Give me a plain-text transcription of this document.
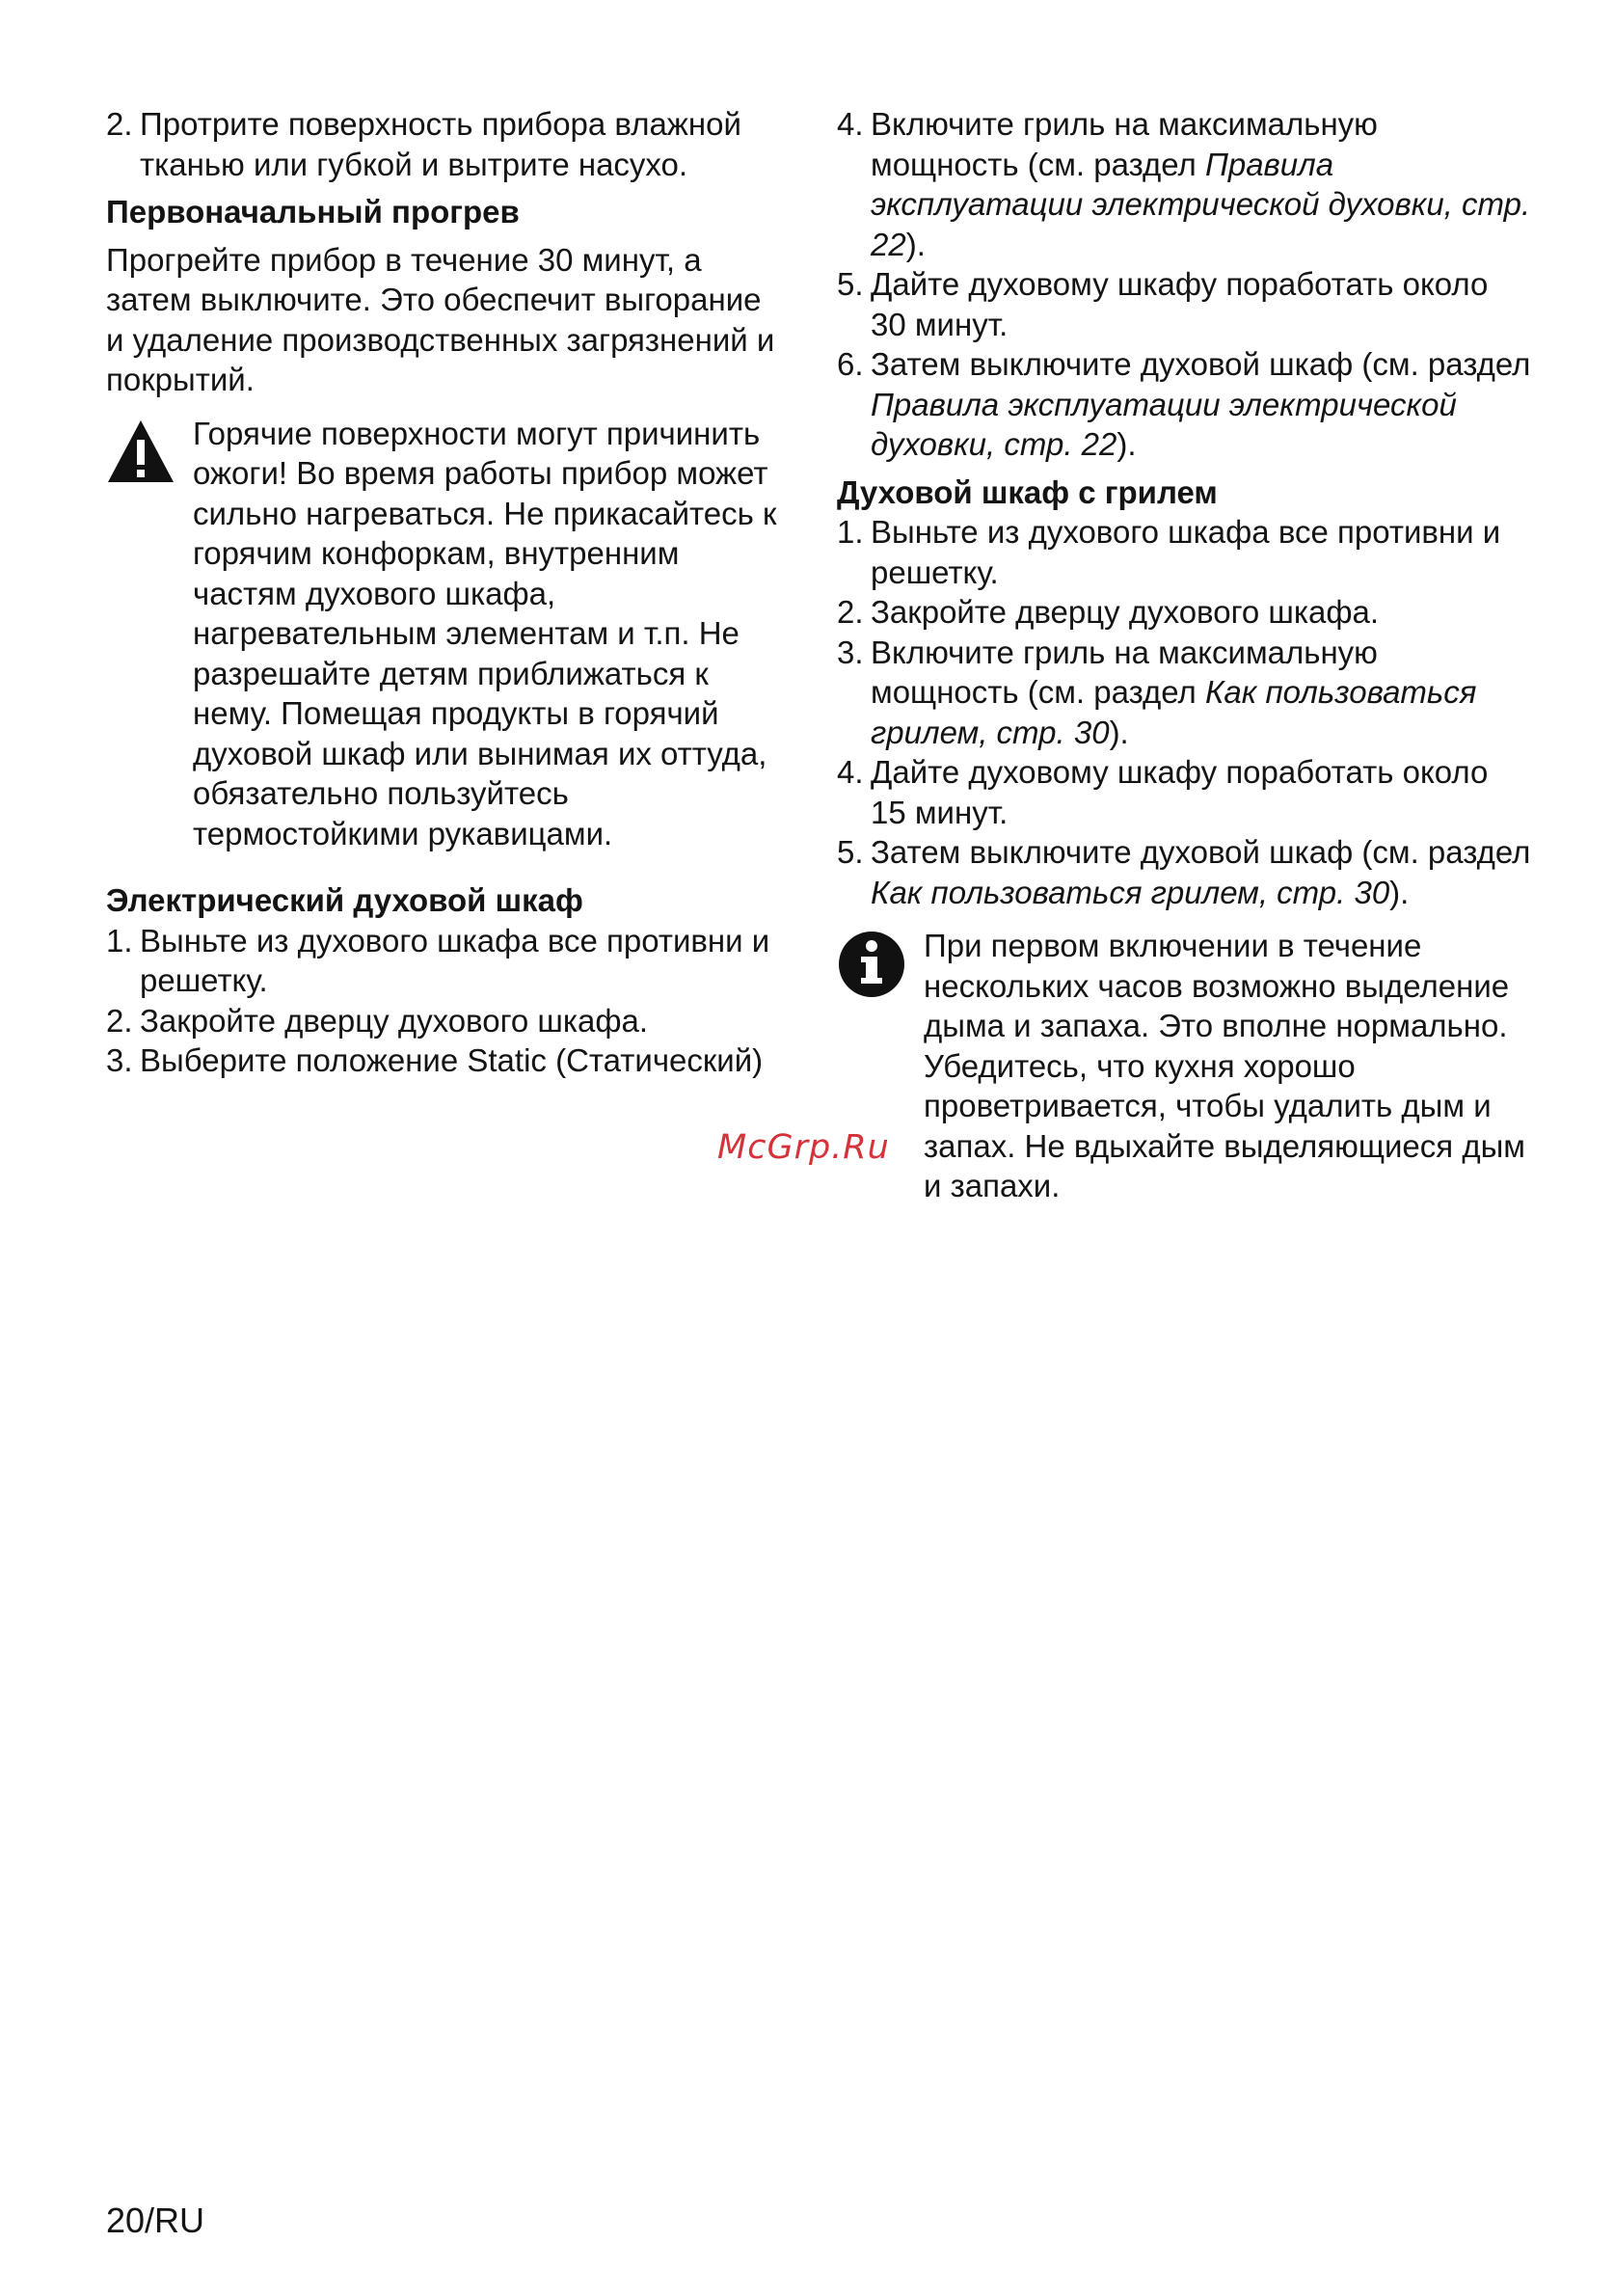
2. Протрите поверхность прибора влажной тканью или губкой и вытрите насухо.

Первоначальный прогрев

Прогрейте прибор в течение 30 минут, а затем выключите. Это обеспечит выгорание и удаление производственных загрязнений и покрытий.

Горячие поверхности могут причинить ожоги! Во время работы прибор может сильно нагреваться. Не прикасайтесь к горячим конфоркам, внутренним частям духового шкафа, нагревательным элементам и т.п. Не разрешайте детям приближаться к нему. Помещая продукты в горячий духовой шкаф или вынимая их оттуда, обязательно пользуйтесь термостойкими рукавицами.

Электрический духовой шкаф

1. Выньте из духового шкафа все противни и решетку.
2. Закройте дверцу духового шкафа.
3. Выберите положение Static (Статический)
4. Включите гриль на максимальную мощность (см. раздел Правила эксплуатации электрической духовки, стр. 22).
5. Дайте духовому шкафу поработать около 30 минут.
6. Затем выключите духовой шкаф (см. раздел Правила эксплуатации электрической духовки, стр. 22).

Духовой шкаф с грилем

1. Выньте из духового шкафа все противни и решетку.
2. Закройте дверцу духового шкафа.
3. Включите гриль на максимальную мощность (см. раздел Как пользоваться грилем, стр. 30).
4. Дайте духовому шкафу поработать около 15 минут.
5. Затем выключите духовой шкаф (см. раздел Как пользоваться грилем, стр. 30).
При первом включении в течение нескольких часов возможно выделение дыма и запаха. Это вполне нормально. Убедитесь, что кухня хорошо проветривается, чтобы удалить дым и запах. Не вдыхайте выделяющиеся дым и запахи.
McGrp.Ru
20/RU
